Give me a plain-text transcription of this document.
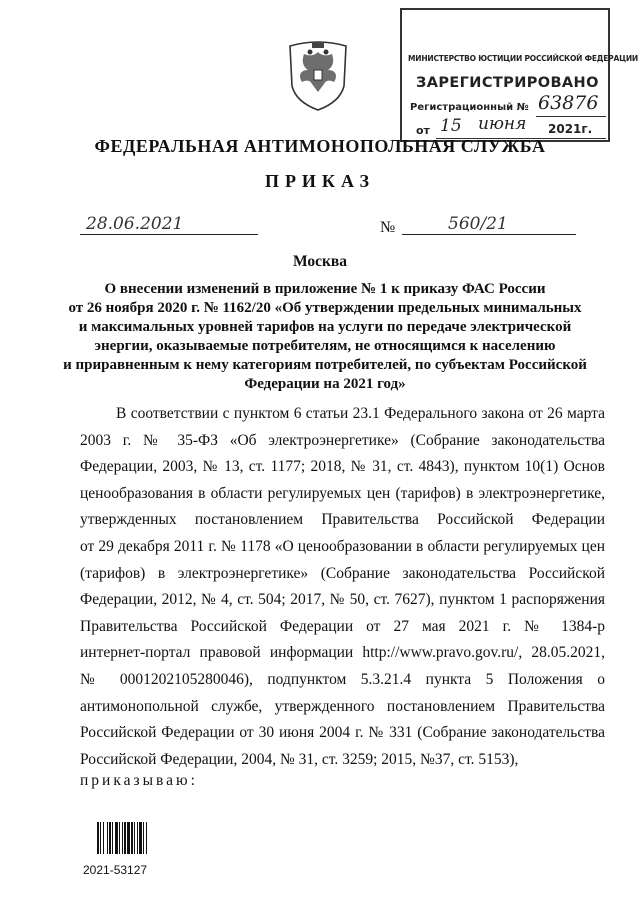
МИНИСТЕРСТВО ЮСТИЦИИ РОССИЙСКОЙ ФЕДЕРАЦИИ
ЗАРЕГИСТРИРОВАНО
Регистрационный № 63876
от 15 июня 2021г.
ФЕДЕРАЛЬНАЯ АНТИМОНОПОЛЬНАЯ СЛУЖБА
ПРИКАЗ
28.06.2021	№	560/21
Москва
О внесении изменений в приложение № 1 к приказу ФАС России
от 26 ноября 2020 г. № 1162/20 «Об утверждении предельных минимальных
и максимальных уровней тарифов на услуги по передаче электрической
энергии, оказываемые потребителям, не относящимся к населению
и приравненным к нему категориям потребителей, по субъектам Российской
Федерации на 2021 год»
В соответствии с пунктом 6 статьи 23.1 Федерального закона от 26 марта
2003 г. № 35-ФЗ «Об электроэнергетике» (Собрание законодательства
Федерации, 2003, № 13, ст. 1177; 2018, № 31, ст. 4843), пунктом 10(1) Основ
ценообразования в области регулируемых цен (тарифов) в электроэнергетике,
утвержденных постановлением Правительства Российской Федерации
от 29 декабря 2011 г. № 1178 «О ценообразовании в области регулируемых цен
(тарифов) в электроэнергетике» (Собрание законодательства Российской
Федерации, 2012, № 4, ст. 504; 2017, № 50, ст. 7627), пунктом 1 распоряжения
Правительства Российской Федерации от 27 мая 2021 г. № 1384-р
интернет-портал правовой информации http://www.pravo.gov.ru/, 28.05.2021,
№ 0001202105280046), подпунктом 5.3.21.4 пункта 5 Положения о
антимонопольной службе, утвержденного постановлением Правительства
Российской Федерации от 30 июня 2004 г. № 331 (Собрание законодательства
Российской Федерации, 2004, № 31, ст. 3259; 2015, №37, ст. 5153),
приказываю:
2021-53127
